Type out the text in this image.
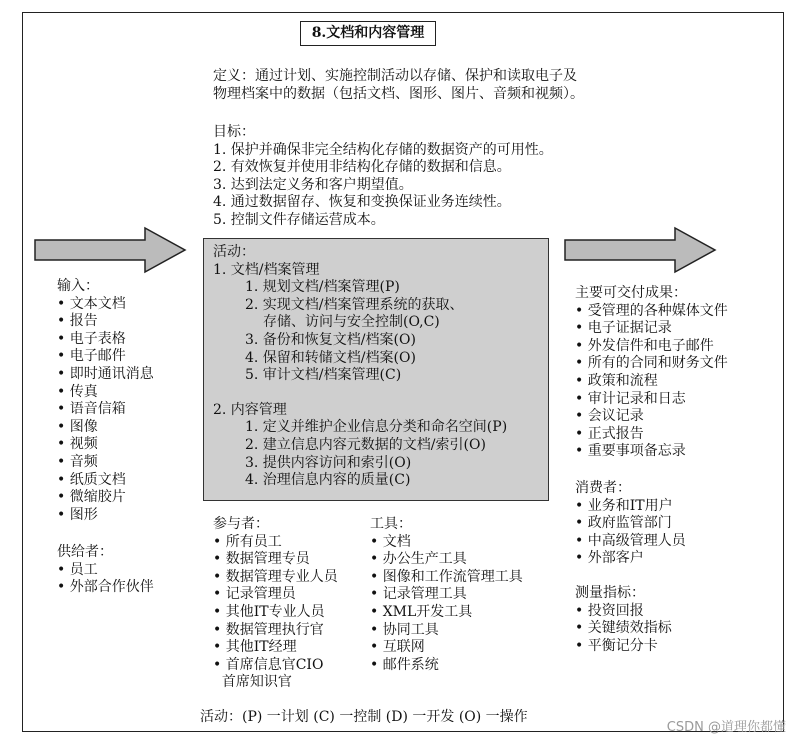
8.文档和内容管理
定义：通过计划、实施控制活动以存储、保护和读取电子及
物理档案中的数据（包括文档、图形、图片、音频和视频）。
目标：
1. 保护并确保非完全结构化存储的数据资产的可用性。
2. 有效恢复并使用非结构化存储的数据和信息。
3. 达到法定义务和客户期望值。
4. 通过数据留存、恢复和变换保证业务连续性。
5. 控制文件存储运营成本。
活动：
1. 文档/档案管理
1. 规划文档/档案管理(P)
2. 实现文档/档案管理系统的获取、
存储、访问与安全控制(O,C)
3. 备份和恢复文档/档案(O)
4. 保留和转储文档/档案(O)
5. 审计文档/档案管理(C)
2. 内容管理
1. 定义并维护企业信息分类和命名空间(P)
2. 建立信息内容元数据的文档/索引(O)
3. 提供内容访问和索引(O)
4. 治理信息内容的质量(C)
输入：
• 文本文档
• 报告
• 电子表格
• 电子邮件
• 即时通讯消息
• 传真
• 语音信箱
• 图像
• 视频
• 音频
• 纸质文档
• 微缩胶片
• 图形
供给者：
• 员工
• 外部合作伙伴
参与者：
• 所有员工
• 数据管理专员
• 数据管理专业人员
• 记录管理员
• 其他IT专业人员
• 数据管理执行官
• 其他IT经理
• 首席信息官CIO
首席知识官
工具：
• 文档
• 办公生产工具
• 图像和工作流管理工具
• 记录管理工具
• XML开发工具
• 协同工具
• 互联网
• 邮件系统
主要可交付成果：
• 受管理的各种媒体文件
• 电子证据记录
• 外发信件和电子邮件
• 所有的合同和财务文件
• 政策和流程
• 审计记录和日志
• 会议记录
• 正式报告
• 重要事项备忘录
消费者：
• 业务和IT用户
• 政府监管部门
• 中高级管理人员
• 外部客户
测量指标：
• 投资回报
• 关键绩效指标
• 平衡记分卡
活动：(P) 一计划 (C) 一控制 (D) 一开发 (O) 一操作
CSDN @道理你都懂
